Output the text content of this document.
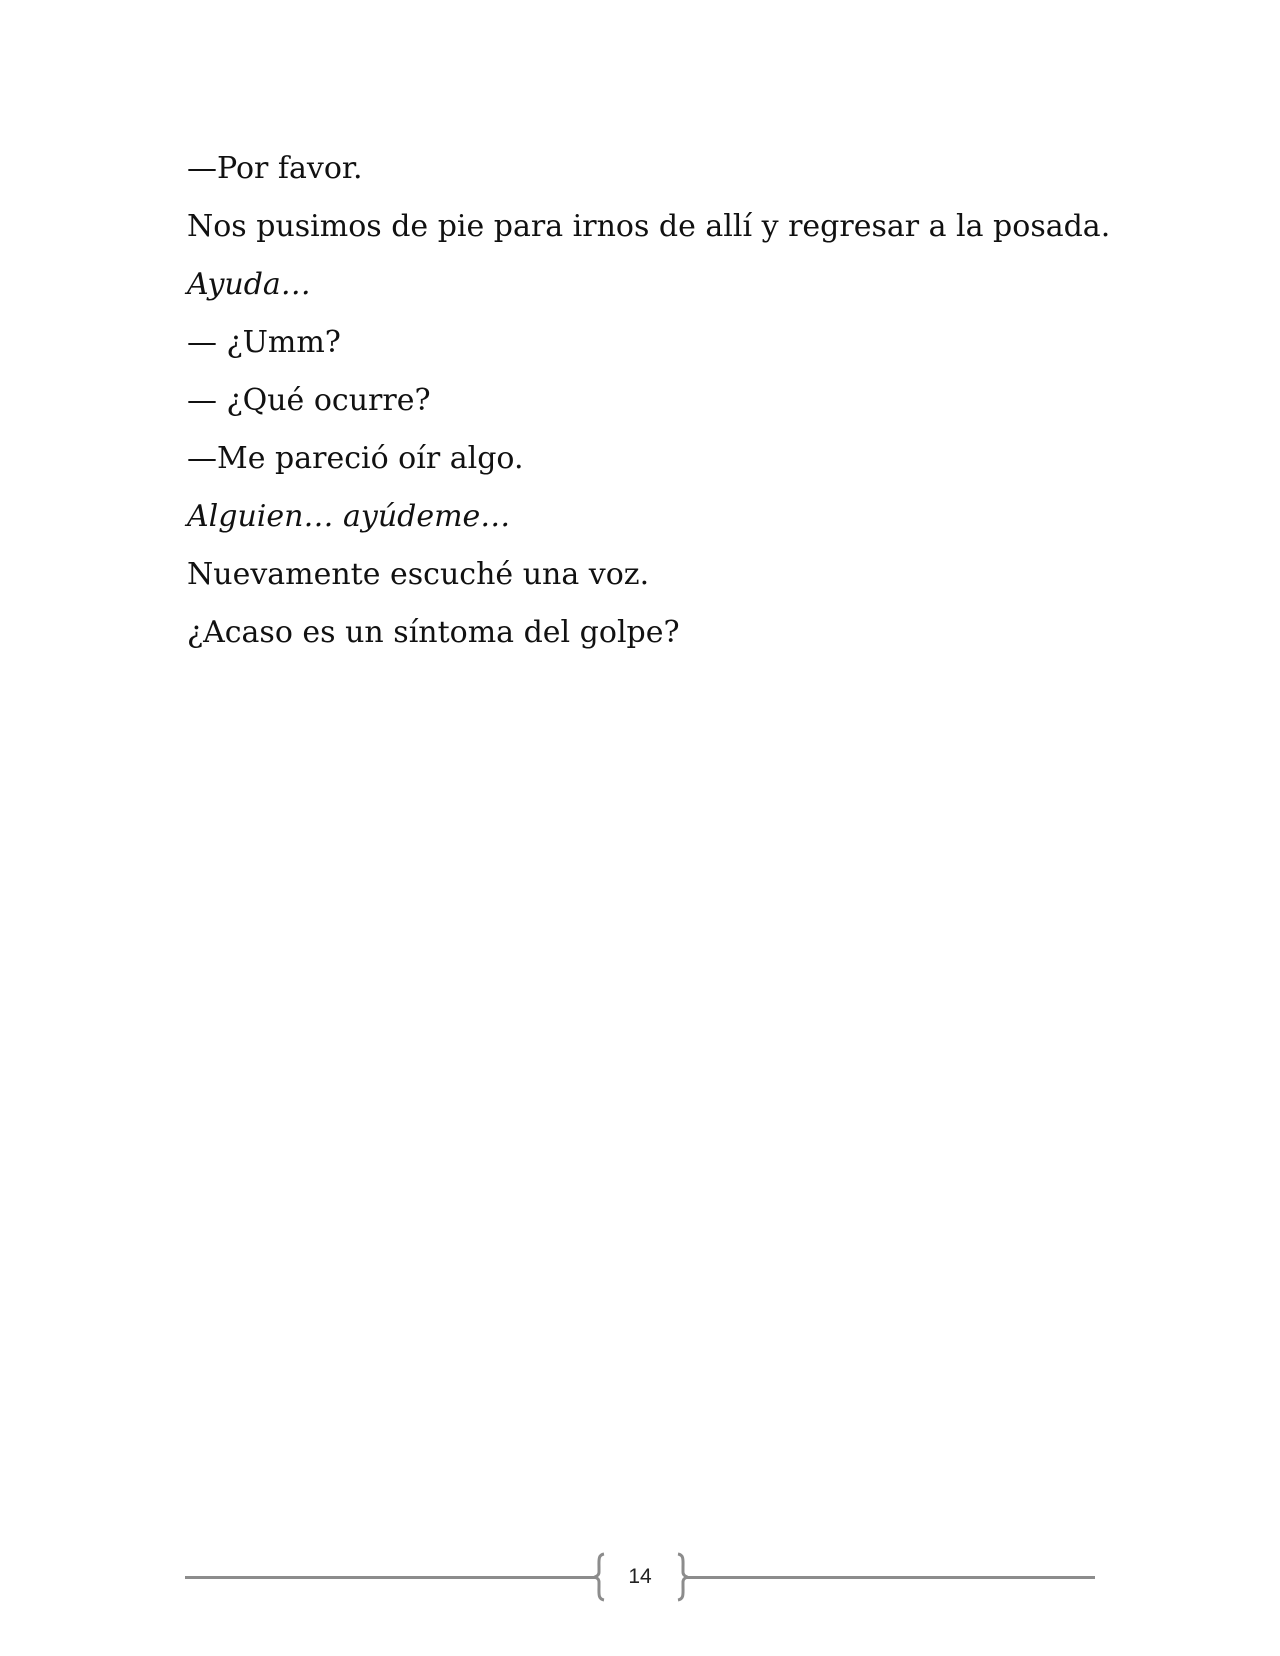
—Por favor.

Nos pusimos de pie para irnos de allí y regresar a la posada.

Ayuda…

— ¿Umm?

— ¿Qué ocurre?

—Me pareció oír algo.

Alguien… ayúdeme…

Nuevamente escuché una voz.

¿Acaso es un síntoma del golpe?

14
